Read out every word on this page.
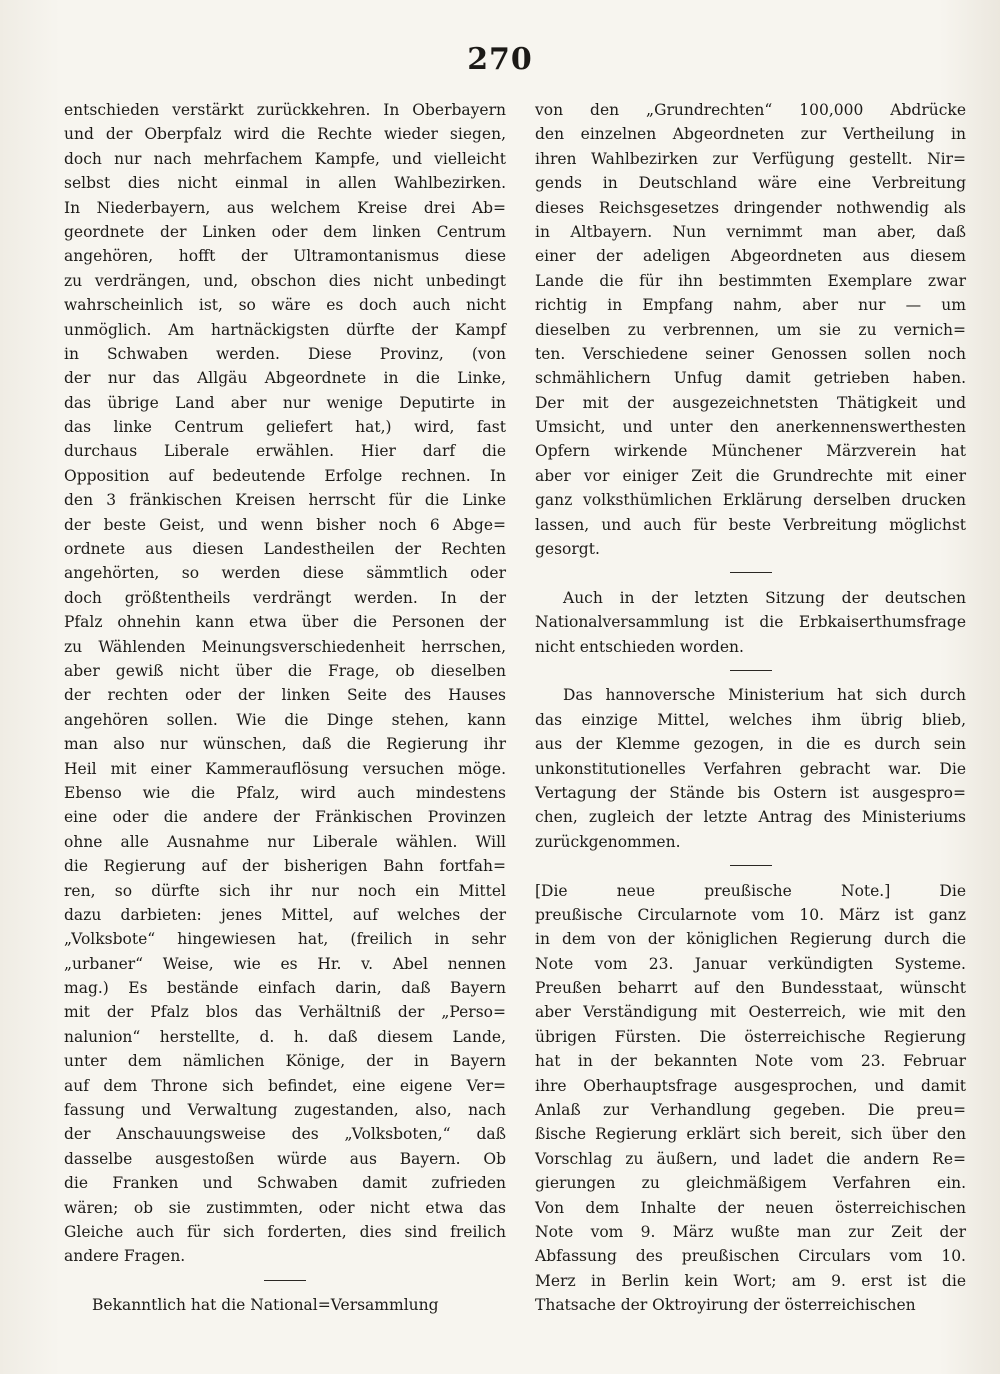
270
entschieden verstärkt zurückkehren. In Oberbayern
und der Oberpfalz wird die Rechte wieder siegen,
doch nur nach mehrfachem Kampfe, und vielleicht
selbst dies nicht einmal in allen Wahlbezirken.
In Niederbayern, aus welchem Kreise drei Ab=
geordnete der Linken oder dem linken Centrum
angehören, hofft der Ultramontanismus diese
zu verdrängen, und, obschon dies nicht unbedingt
wahrscheinlich ist, so wäre es doch auch nicht
unmöglich. Am hartnäckigsten dürfte der Kampf
in Schwaben werden. Diese Provinz, (von
der nur das Allgäu Abgeordnete in die Linke,
das übrige Land aber nur wenige Deputirte in
das linke Centrum geliefert hat,) wird, fast
durchaus Liberale erwählen. Hier darf die
Opposition auf bedeutende Erfolge rechnen. In
den 3 fränkischen Kreisen herrscht für die Linke
der beste Geist, und wenn bisher noch 6 Abge=
ordnete aus diesen Landestheilen der Rechten
angehörten, so werden diese sämmtlich oder
doch größtentheils verdrängt werden. In der
Pfalz ohnehin kann etwa über die Personen der
zu Wählenden Meinungsverschiedenheit herrschen,
aber gewiß nicht über die Frage, ob dieselben
der rechten oder der linken Seite des Hauses
angehören sollen. Wie die Dinge stehen, kann
man also nur wünschen, daß die Regierung ihr
Heil mit einer Kammerauflösung versuchen möge.
Ebenso wie die Pfalz, wird auch mindestens
eine oder die andere der Fränkischen Provinzen
ohne alle Ausnahme nur Liberale wählen. Will
die Regierung auf der bisherigen Bahn fortfah=
ren, so dürfte sich ihr nur noch ein Mittel
dazu darbieten: jenes Mittel, auf welches der
„Volksbote“ hingewiesen hat, (freilich in sehr
„urbaner“ Weise, wie es Hr. v. Abel nennen
mag.) Es bestände einfach darin, daß Bayern
mit der Pfalz blos das Verhältniß der „Perso=
nalunion“ herstellte, d. h. daß diesem Lande,
unter dem nämlichen Könige, der in Bayern
auf dem Throne sich befindet, eine eigene Ver=
fassung und Verwaltung zugestanden, also, nach
der Anschauungsweise des „Volksboten,“ daß
dasselbe ausgestoßen würde aus Bayern. Ob
die Franken und Schwaben damit zufrieden
wären; ob sie zustimmten, oder nicht etwa das
Gleiche auch für sich forderten, dies sind freilich
andere Fragen.
Bekanntlich hat die National=Versammlung
von den „Grundrechten“ 100,000 Abdrücke
den einzelnen Abgeordneten zur Vertheilung in
ihren Wahlbezirken zur Verfügung gestellt. Nir=
gends in Deutschland wäre eine Verbreitung
dieses Reichsgesetzes dringender nothwendig als
in Altbayern. Nun vernimmt man aber, daß
einer der adeligen Abgeordneten aus diesem
Lande die für ihn bestimmten Exemplare zwar
richtig in Empfang nahm, aber nur — um
dieselben zu verbrennen, um sie zu vernich=
ten. Verschiedene seiner Genossen sollen noch
schmählichern Unfug damit getrieben haben.
Der mit der ausgezeichnetsten Thätigkeit und
Umsicht, und unter den anerkennenswerthesten
Opfern wirkende Münchener Märzverein hat
aber vor einiger Zeit die Grundrechte mit einer
ganz volksthümlichen Erklärung derselben drucken
lassen, und auch für beste Verbreitung möglichst
gesorgt.
Auch in der letzten Sitzung der deutschen
Nationalversammlung ist die Erbkaiserthumsfrage
nicht entschieden worden.
Das hannoversche Ministerium hat sich durch
das einzige Mittel, welches ihm übrig blieb,
aus der Klemme gezogen, in die es durch sein
unkonstitutionelles Verfahren gebracht war. Die
Vertagung der Stände bis Ostern ist ausgespro=
chen, zugleich der letzte Antrag des Ministeriums
zurückgenommen.
[Die neue preußische Note.] Die
preußische Circularnote vom 10. März ist ganz
in dem von der königlichen Regierung durch die
Note vom 23. Januar verkündigten Systeme.
Preußen beharrt auf den Bundesstaat, wünscht
aber Verständigung mit Oesterreich, wie mit den
übrigen Fürsten. Die österreichische Regierung
hat in der bekannten Note vom 23. Februar
ihre Oberhauptsfrage ausgesprochen, und damit
Anlaß zur Verhandlung gegeben. Die preu=
ßische Regierung erklärt sich bereit, sich über den
Vorschlag zu äußern, und ladet die andern Re=
gierungen zu gleichmäßigem Verfahren ein.
Von dem Inhalte der neuen österreichischen
Note vom 9. März wußte man zur Zeit der
Abfassung des preußischen Circulars vom 10.
Merz in Berlin kein Wort; am 9. erst ist die
Thatsache der Oktroyirung der österreichischen
